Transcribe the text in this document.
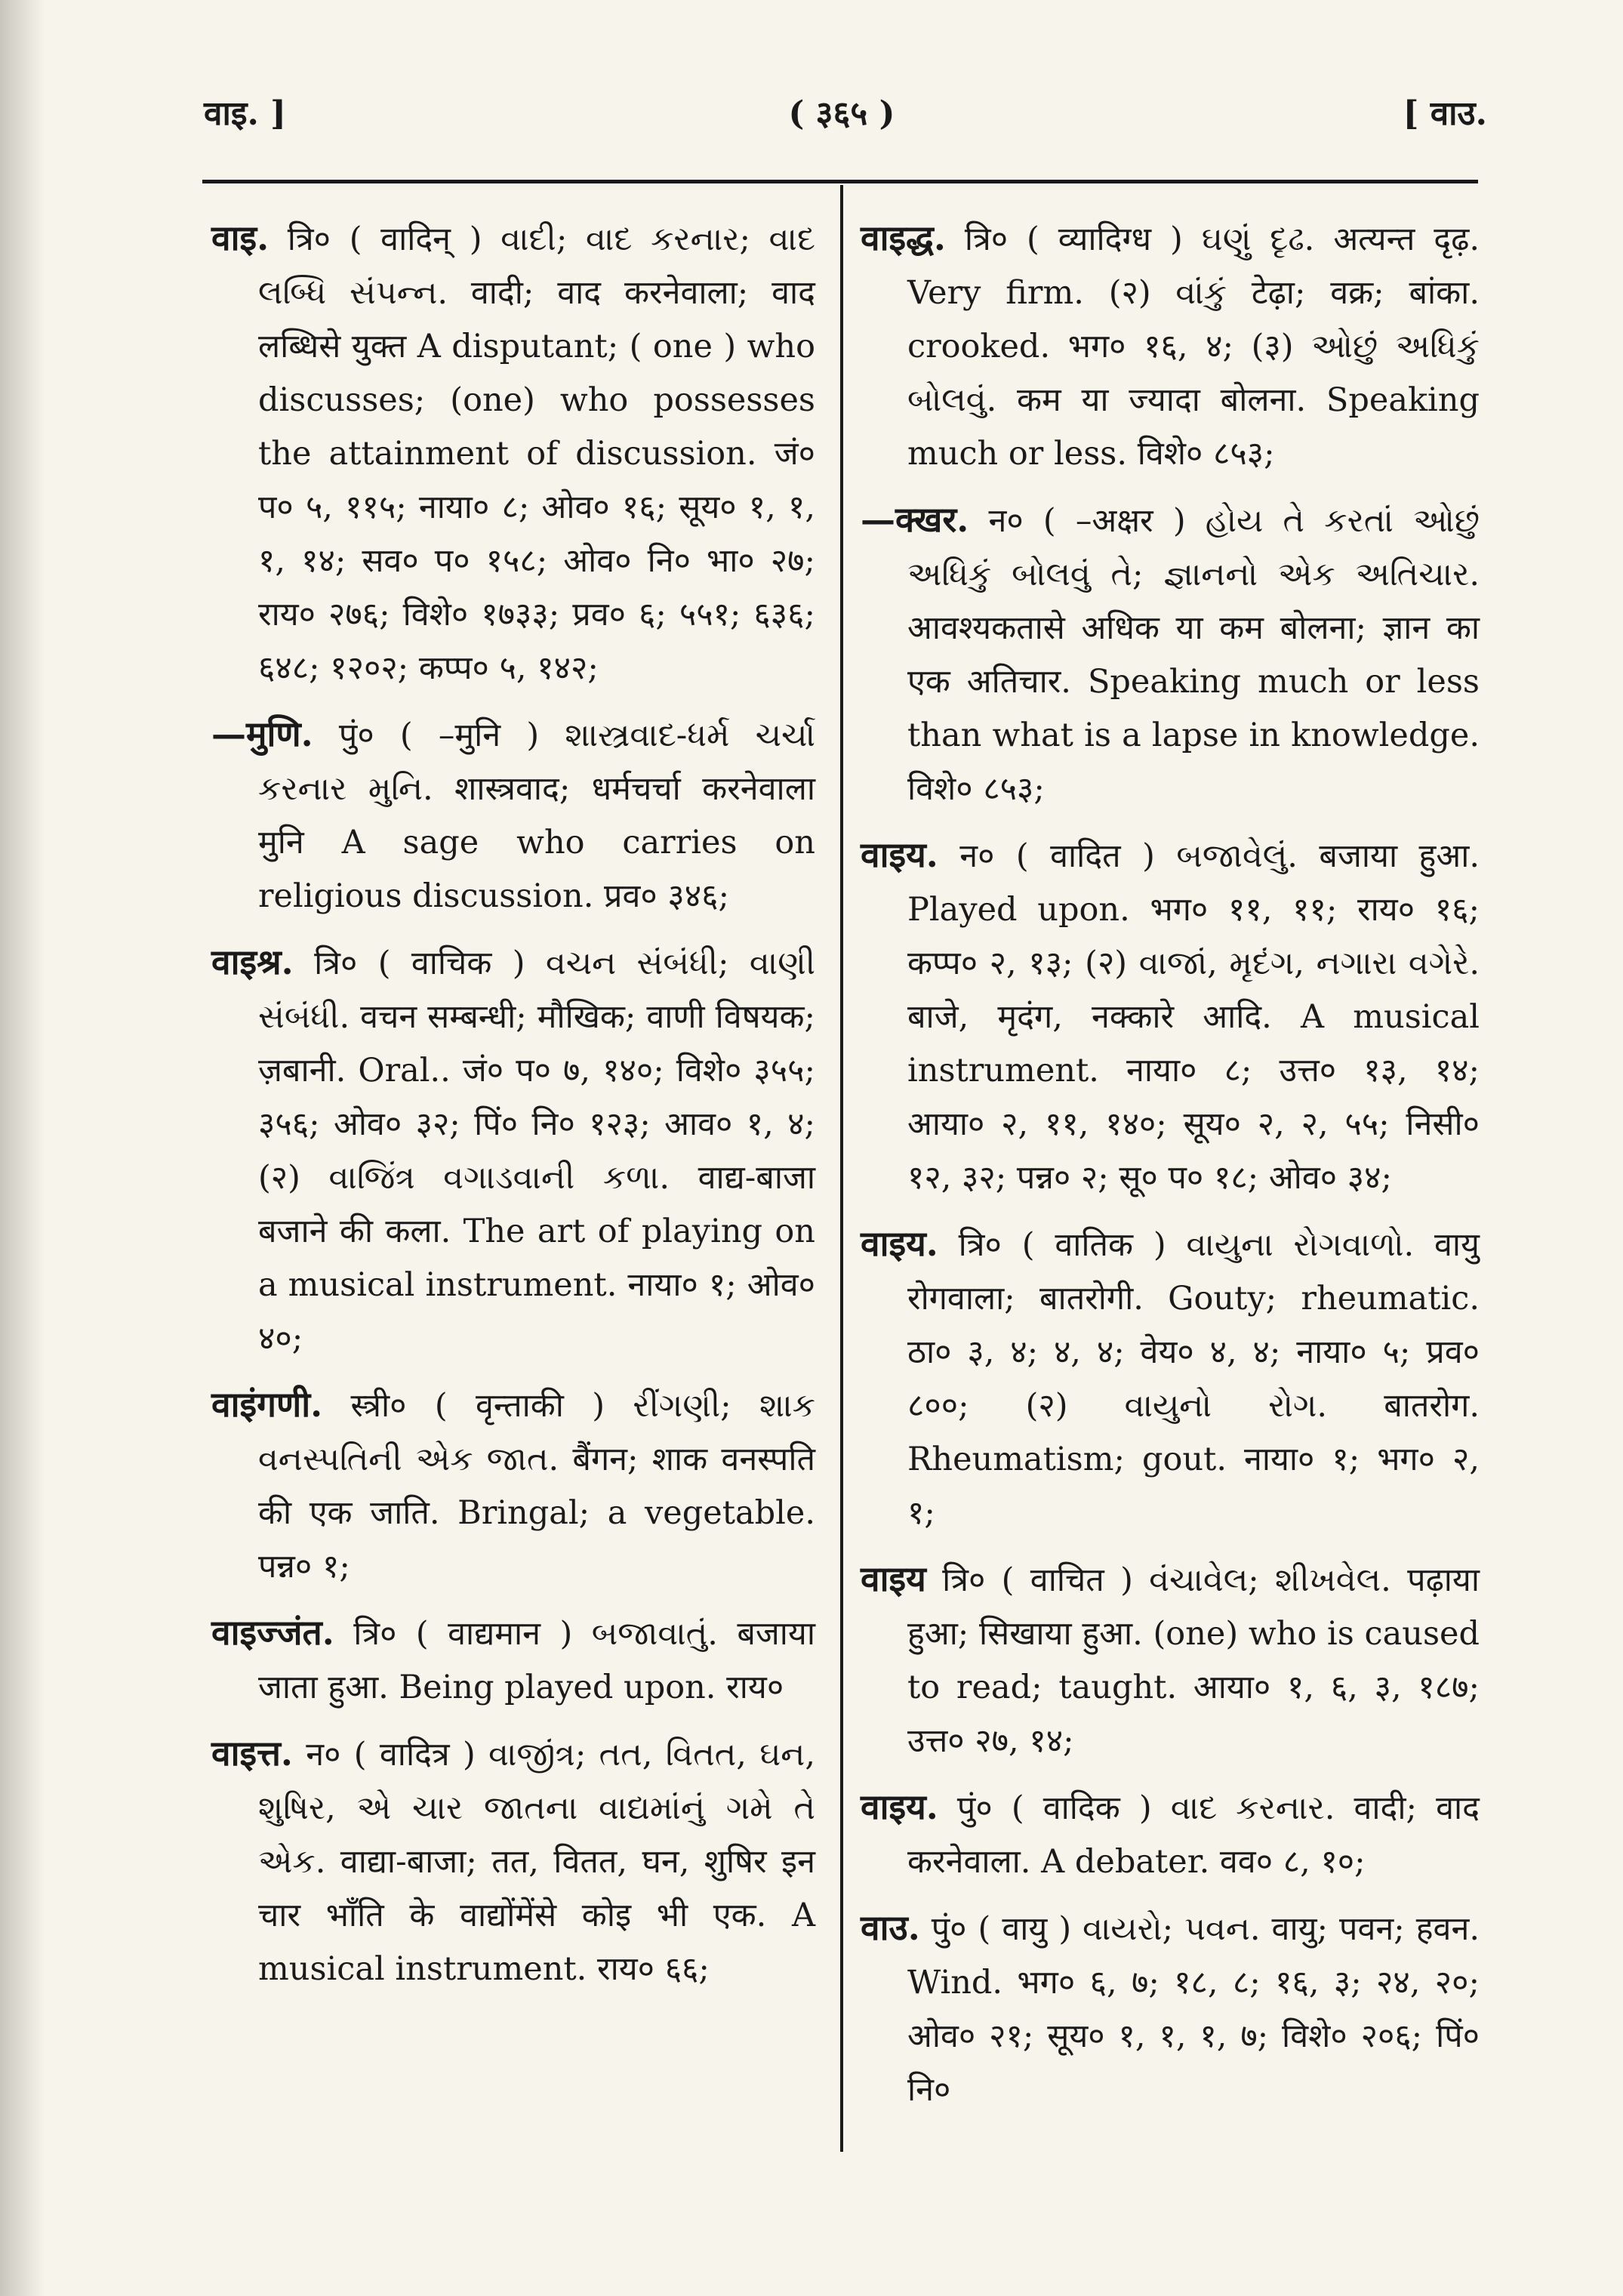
वाइ. ]	( ३६५ )	[ वाउ.

वाइ. त्रि० ( वादिन् ) વાદી; વાદ કરનાર; વાદ લબ્ધિ સંપન્ન. वादी; वाद करनेवाला; वाद लब्धिसे युक्त A disputant; ( one ) who discusses; (one) who possesses the attainment of discussion. जं० प० ५, ११५; नाया० ८; ओव० १६; सूय० १, १, १, १४; सव० प० १५८; ओव० नि० भा० २७; राय० २७६; विशे० १७३३; प्रव० ६; ५५१; ६३६; ६४८; १२०२; कप्प० ५, १४२;

—मुणि. पुं० ( –मुनि ) શાસ્ત્રવાદ-ધર્મ ચર્ચા કરનાર મુનિ. शास्त्रवाद; धर्मचर्चा करनेवाला मुनि A sage who carries on religious discussion. प्रव० ३४६;

वाइश्र. त्रि० ( वाचिक ) વચન સંબંધી; વાણી સંબંધી. वचन सम्बन्धी; मौखिक; वाणी विषयक; ज़बानी. Oral.. जं० प० ७, १४०; विशे० ३५५; ३५६; ओव० ३२; पिं० नि० १२३; आव० १, ४; (२) વાજિંત્ર વગાડવાની કળા. वाद्य-बाजा बजाने की कला. The art of playing on a musical instrument. नाया० १; ओव० ४०;

वाइंगणी. स्त्री० ( वृन्ताकी ) રીંગણી; શાક વનસ્પતિની એક જાત. बैंगन; शाक वनस्पति की एक जाति. Bringal; a vegetable. पन्न० १;

वाइज्जंत. त्रि० ( वाद्यमान ) બજાવાતું. बजाया जाता हुआ. Being played upon. राय०

वाइत्त. न० ( वादित्र ) વાજીંત્ર; તત, વિતત, ઘન, શુષિર, એ ચાર જાતના વાદ્યમાંનું ગમે તે એક. वाद्या-बाजा; तत, वितत, घन, शुषिर इन चार भाँति के वाद्योंमेंसे कोइ भी एक. A musical instrument. राय० ६६;

वाइद्ध. त्रि० ( व्यादिग्ध ) ઘણું દૃઢ. अत्यन्त दृढ़. Very firm. (२) વાંકું टेढ़ा; वक्र; बांका. crooked. भग० १६, ४; (३) ઓછું અધિકું બોલવું. कम या ज्यादा बोलना. Speaking much or less. विशे० ८५३;

—क्खर. न० ( –अक्षर ) હોય તે કરતાં ઓછું અધિકું બોલવું તે; જ્ઞાનનો એક અતિચાર. आवश्यकतासे अधिक या कम बोलना; ज्ञान का एक अतिचार. Speaking much or less than what is a lapse in knowledge. विशे० ८५३;

वाइय. न० ( वादित ) બજાવેલું. बजाया हुआ. Played upon. भग० ११, ११; राय० १६; कप्प० २, १३; (२) વાજાં, મૃદંગ, નગારા વગેરે. बाजे, मृदंग, नक्कारे आदि. A musical instrument. नाया० ८; उत्त० १३, १४; आया० २, ११, १४०; सूय० २, २, ५५; निसी० १२, ३२; पन्न० २; सू० प० १८; ओव० ३४;

वाइय. त्रि० ( वातिक ) વાયુના રોગવાળો. वायु रोगवाला; बातरोगी. Gouty; rheumatic. ठा० ३, ४; ४, ४; वेय० ४, ४; नाया० ५; प्रव० ८००; (२) વાયુનો રોગ. बातरोग. Rheumatism; gout. नाया० १; भग० २, १;

वाइय त्रि० ( वाचित ) વંચાવેલ; શીખવેલ. पढ़ाया हुआ; सिखाया हुआ. (one) who is caused to read; taught. आया० १, ६, ३, १८७; उत्त० २७, १४;

वाइय. पुं० ( वादिक ) વાદ કરનાર. वादी; वाद करनेवाला. A debater. वव० ८, १०;

वाउ. पुं० ( वायु ) વાયરો; પવન. वायु; पवन; हवन. Wind. भग० ६, ७; १८, ८; १६, ३; २४, २०; ओव० २१; सूय० १, १, १, ७; विशे० २०६; पिं० नि०
